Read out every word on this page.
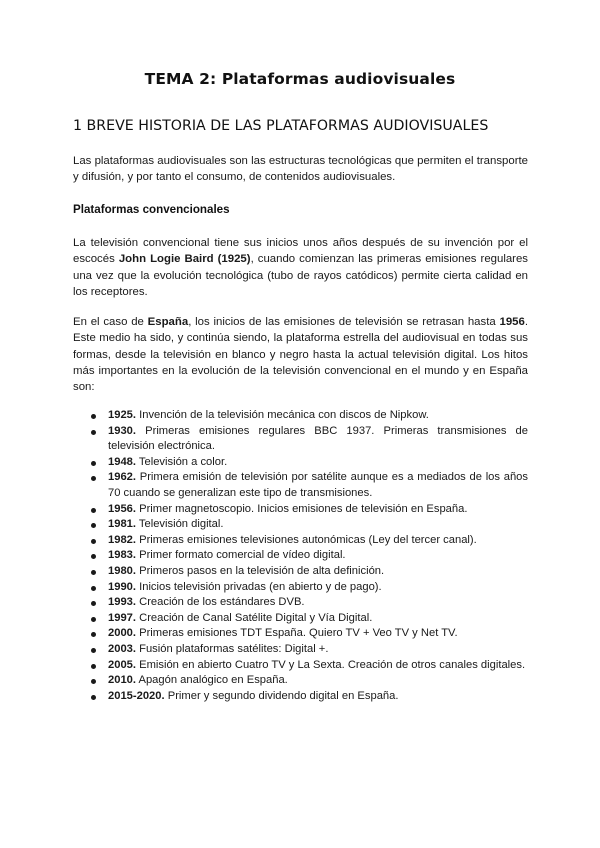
TEMA 2: Plataformas audiovisuales
1 BREVE HISTORIA DE LAS PLATAFORMAS AUDIOVISUALES
Las plataformas audiovisuales son las estructuras tecnológicas que permiten el transporte y difusión, y por tanto el consumo, de contenidos audiovisuales.
Plataformas convencionales
La televisión convencional tiene sus inicios unos años después de su invención por el escocés John Logie Baird (1925), cuando comienzan las primeras emisiones regulares una vez que la evolución tecnológica (tubo de rayos catódicos) permite cierta calidad en los receptores.
En el caso de España, los inicios de las emisiones de televisión se retrasan hasta 1956. Este medio ha sido, y continúa siendo, la plataforma estrella del audiovisual en todas sus formas, desde la televisión en blanco y negro hasta la actual televisión digital. Los hitos más importantes en la evolución de la televisión convencional en el mundo y en España son:
1925. Invención de la televisión mecánica con discos de Nipkow.
1930. Primeras emisiones regulares BBC 1937. Primeras transmisiones de televisión electrónica.
1948. Televisión a color.
1962. Primera emisión de televisión por satélite aunque es a mediados de los años 70 cuando se generalizan este tipo de transmisiones.
1956. Primer magnetoscopio. Inicios emisiones de televisión en España.
1981. Televisión digital.
1982. Primeras emisiones televisiones autonómicas (Ley del tercer canal).
1983. Primer formato comercial de vídeo digital.
1980. Primeros pasos en la televisión de alta definición.
1990. Inicios televisión privadas (en abierto y de pago).
1993. Creación de los estándares DVB.
1997. Creación de Canal Satélite Digital y Vía Digital.
2000. Primeras emisiones TDT España. Quiero TV + Veo TV y Net TV.
2003. Fusión plataformas satélites: Digital +.
2005. Emisión en abierto Cuatro TV y La Sexta. Creación de otros canales digitales.
2010. Apagón analógico en España.
2015-2020. Primer y segundo dividendo digital en España.
